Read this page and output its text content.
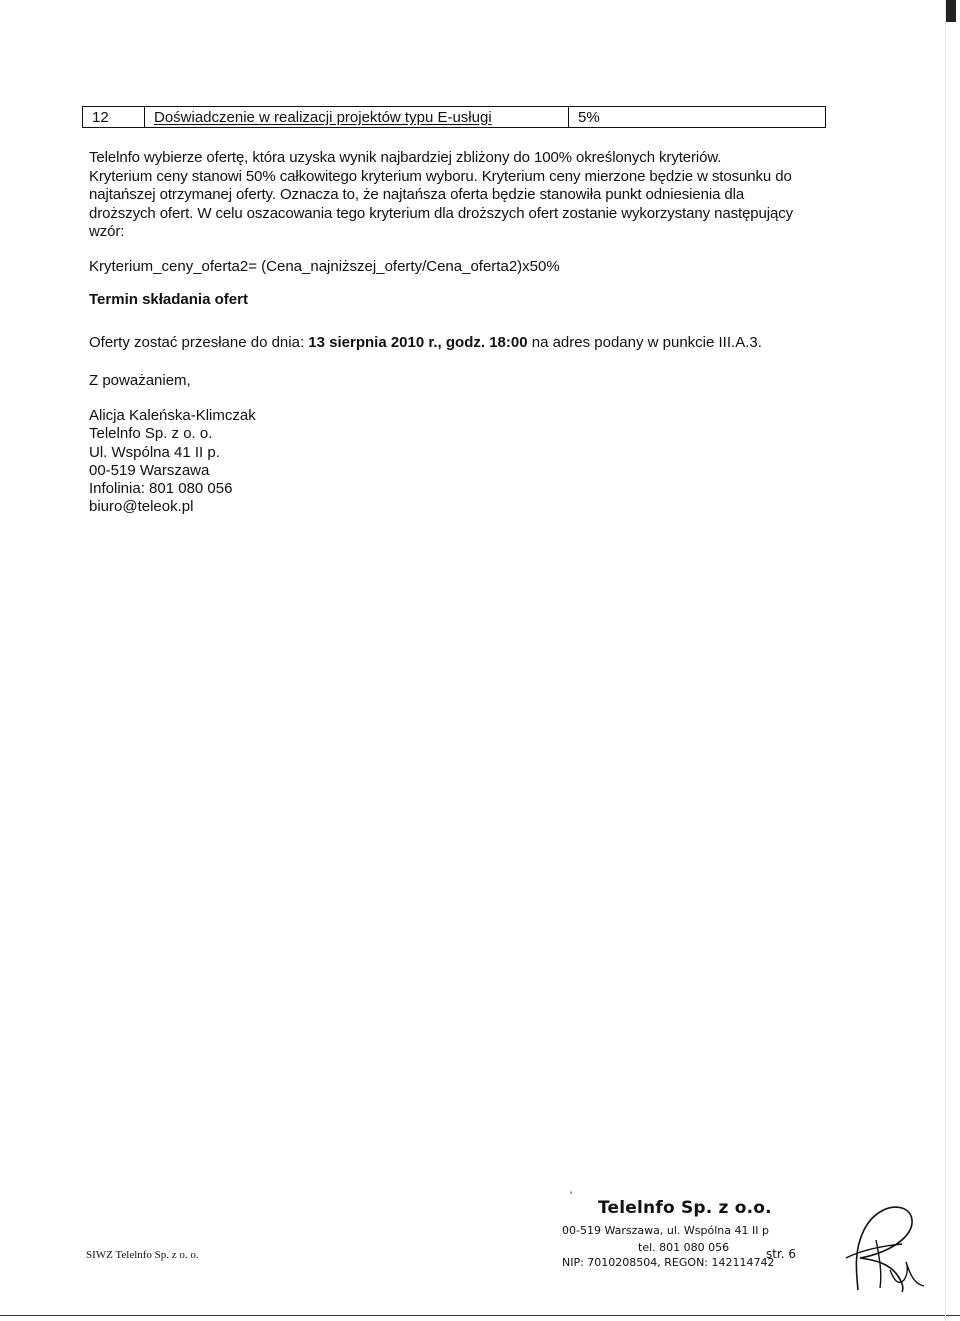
12	Doświadczenie w realizacji projektów typu E-usługi	5%
Telelnfo wybierze ofertę, która uzyska wynik najbardziej zbliżony do 100% określonych kryteriów.
Kryterium ceny stanowi 50% całkowitego kryterium wyboru. Kryterium ceny mierzone będzie w stosunku do
najtańszej otrzymanej oferty. Oznacza to, że najtańsza oferta będzie stanowiła punkt odniesienia dla
droższych ofert. W celu oszacowania tego kryterium dla droższych ofert zostanie wykorzystany następujący
wzór:

Kryterium_ceny_oferta2= (Cena_najniższej_oferty/Cena_oferta2)x50%

Termin składania ofert

Oferty zostać przesłane do dnia: 13 sierpnia 2010 r., godz. 18:00 na adres podany w punkcie III.A.3.

Z poważaniem,

Alicja Kaleńska-Klimczak
Telelnfo Sp. z o. o.
Ul. Wspólna 41 II p.
00-519 Warszawa
Infolinia: 801 080 056
biuro@teleok.pl
SIWZ Telelnfo Sp. z o. o.
'

Telelnfo Sp. z o.o.

00-519 Warszawa, ul. Wspólna 41 II p

tel. 801 080 056

NIP: 7010208504, REGON: 142114742

str. 6
